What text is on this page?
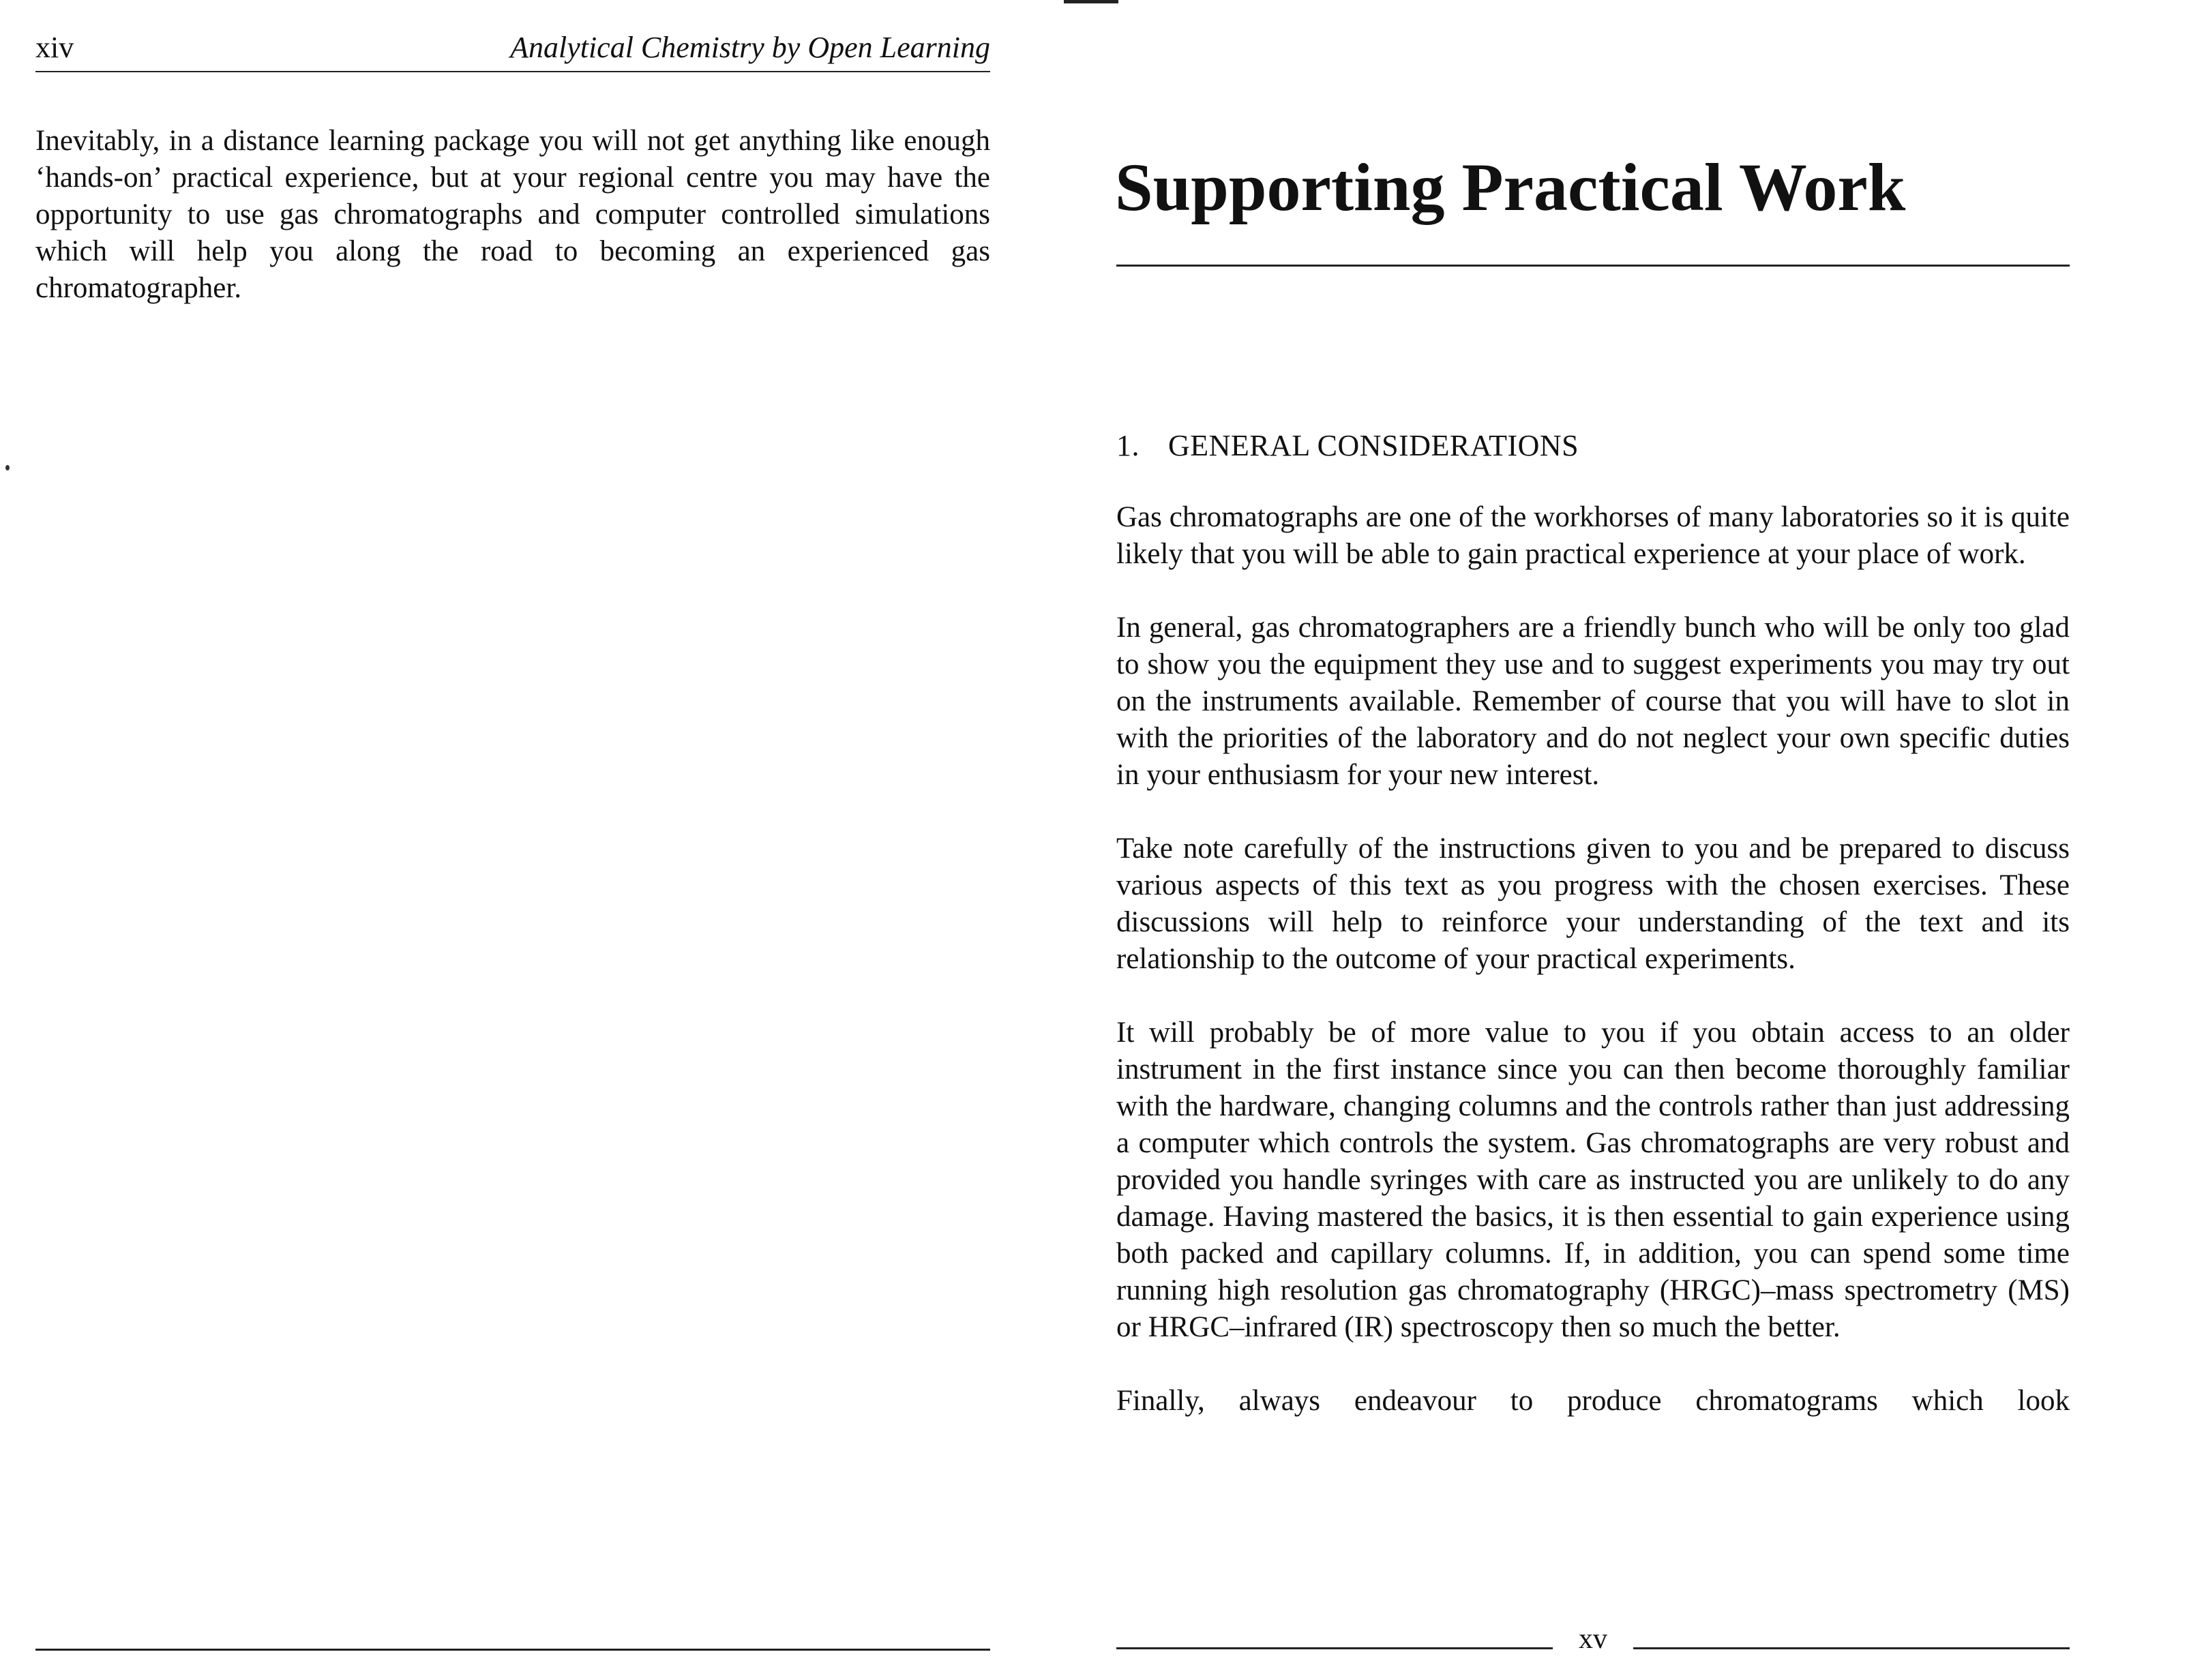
xiv	Analytical Chemistry by Open Learning
Inevitably, in a distance learning package you will not get anything like enough ‘hands-on’ practical experience, but at your regional centre you may have the opportunity to use gas chromatographs and computer controlled simulations which will help you along the road to becoming an experienced gas chromatographer.
Supporting Practical Work
1. GENERAL CONSIDERATIONS

Gas chromatographs are one of the workhorses of many laboratories so it is quite likely that you will be able to gain practical experience at your place of work.

In general, gas chromatographers are a friendly bunch who will be only too glad to show you the equipment they use and to suggest experiments you may try out on the instruments available. Remember of course that you will have to slot in with the priorities of the laboratory and do not neglect your own specific duties in your enthusiasm for your new interest.

Take note carefully of the instructions given to you and be prepared to discuss various aspects of this text as you progress with the chosen exercises. These discussions will help to reinforce your understanding of the text and its relationship to the outcome of your practical experiments.

It will probably be of more value to you if you obtain access to an older instrument in the first instance since you can then become thoroughly familiar with the hardware, changing columns and the controls rather than just addressing a computer which controls the system. Gas chromatographs are very robust and provided you handle syringes with care as instructed you are unlikely to do any damage. Having mastered the basics, it is then essential to gain experience using both packed and capillary columns. If, in addition, you can spend some time running high resolution gas chromatography (HRGC)–mass spectrometry (MS) or HRGC–infrared (IR) spectroscopy then so much the better.

Finally, always endeavour to produce chromatograms which look

xv
